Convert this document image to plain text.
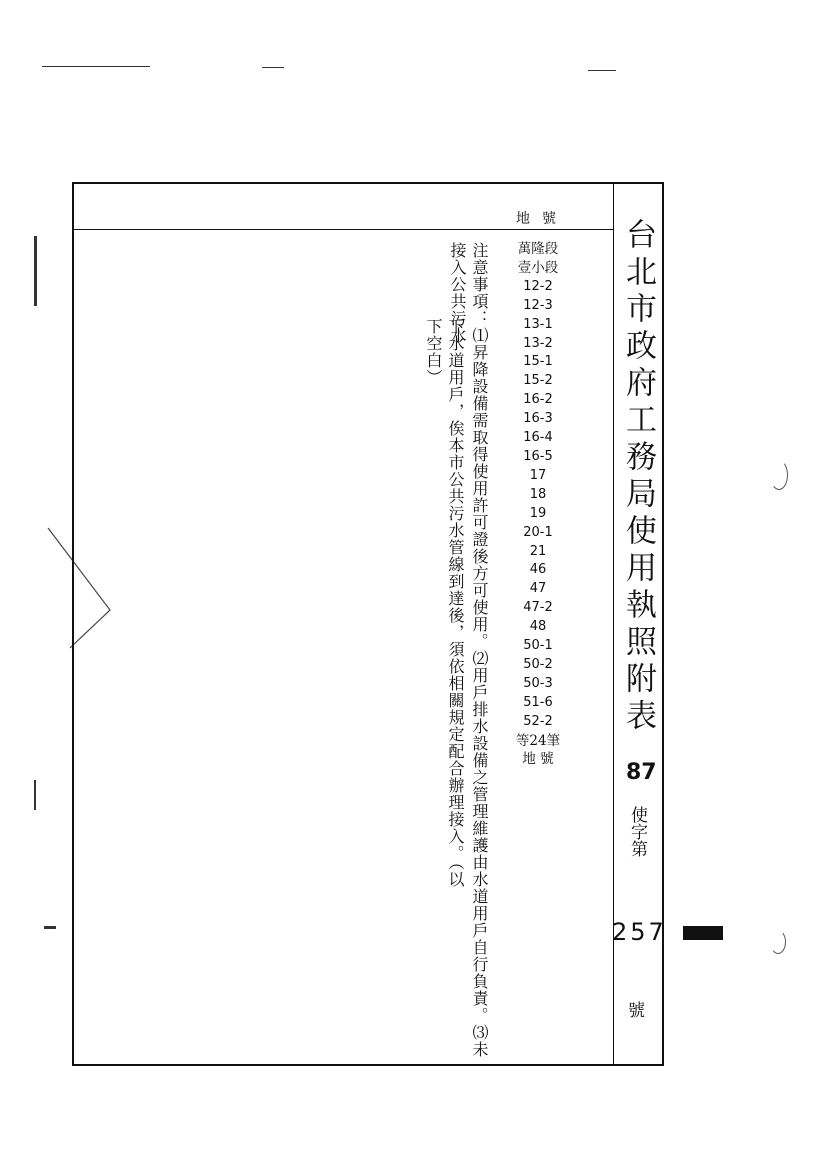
台北市政府工務局使用執照附表
地號
萬隆段
壹小段
12-2
12-3
13-1
13-2
15-1
15-2
16-2
16-3
16-4
16-5
17
18
19
20-1
21
46
47
47-2
48
50-1
50-2
50-3
51-6
52-2
等24筆
地 號
注意事項：⑴昇降設備需取得使用許可證後方可使用。⑵用戶排水設備之管理維護由水道用戶自行負責。⑶未接入公共污水
下水道用戶，俟本市公共污水管線到達後，須依相關規定配合辦理接入。（以下空白）
87
使字第
257
號
